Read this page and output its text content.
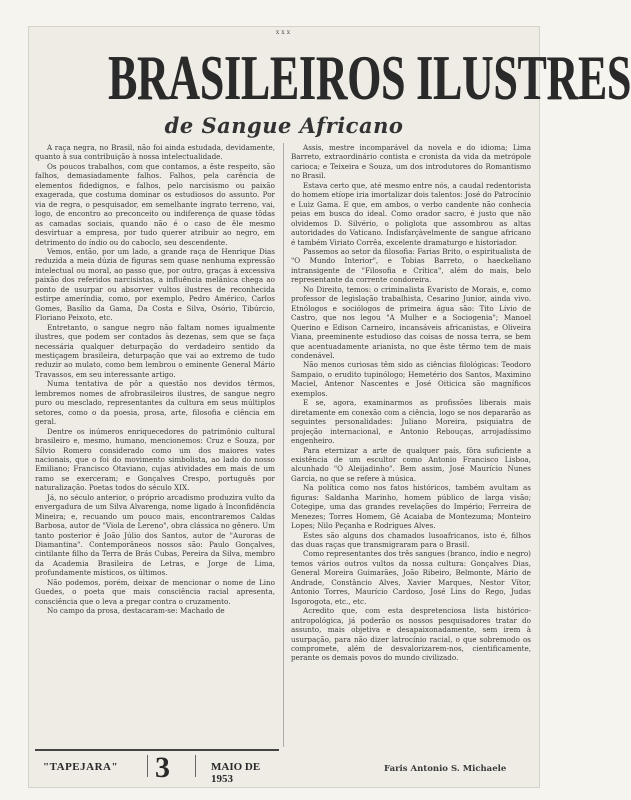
xxx
BRASILEIROS ILUSTRES
de Sangue Africano

A raça negra, no Brasil, não foi ainda estudada, devidamente, quanto à sua contribuição à nossa intelectualidade.

Os poucos trabalhos, com que contamos, a êste respeito, são falhos, demasiadamente falhos. Falhos, pela carência de elementos fidedignos, e falhos, pelo narcisismo ou paixão exagerada, que costuma dominar os estudiosos do assunto. Por via de regra, o pesquisador, em semelhante ingrato terreno, vai, logo, de encontro ao preconceito ou indiferença de quase tôdas as camadas sociais, quando não é o caso de êle mesmo desvirtuar a empresa, por tudo querer atribuir ao negro, em detrimento do índio ou do caboclo, seu descendente.

Vemos, então, por um lado, a grande raça de Henrique Dias reduzida a meia dúzia de figuras sem quase nenhuma expressão intelectual ou moral, ao passo que, por outro, graças à excessiva paixão dos referidos narcisistas, a influência melânica chega ao ponto de usurpar ou absorver vultos ilustres de reconhecida estirpe ameríndia, como, por exemplo, Pedro Américo, Carlos Gomes, Basílio da Gama, Da Costa e Silva, Osório, Tibúrcio, Floriano Peixoto, etc.

Entretanto, o sangue negro não faltam nomes igualmente ilustres, que podem ser contados às dezenas, sem que se faça necessária qualquer deturpação do verdadeiro sentido da mestiçagem brasileira, deturpação que vai ao extremo de tudo reduzir ao mulato, como bem lembrou o eminente General Mário Travassos, em seu interessante artigo.

Numa tentativa de pôr a questão nos devidos têrmos, lembremos nomes de afrobrasileiros ilustres, de sangue negro puro ou mesclado, representantes da cultura em seus múltiplos setores, como o da poesia, prosa, arte, filosofia e ciência em geral.

Dentre os inúmeros enriquecedores do patrimônio cultural brasileiro e, mesmo, humano, mencionemos: Cruz e Souza, por Sílvio Romero considerado como um dos maiores vates nacionais, que o foi do movimento simbolista, ao lado do nosso Emiliano; Francisco Otaviano, cujas atividades em mais de um ramo se exerceram; e Gonçalves Crespo, português por naturalização. Poetas todos do século XIX.

Já, no século anterior, o próprio arcadismo produzira vulto da envergadura de um Silva Alvarenga, nome ligado à Inconfidência Mineira; e, recuando um pouco mais, encontraremos Caldas Barbosa, autor de "Viola de Lereno", obra clássica no gênero. Um tanto posterior é João Júlio dos Santos, autor de "Auroras de Diamantina". Contemporâneos nossos são: Paulo Gonçalves, cintilante filho da Terra de Brás Cubas, Pereira da Silva, membro da Academia Brasileira de Letras, e Jorge de Lima, profundamente místicos, os últimos.

Não podemos, porém, deixar de mencionar o nome de Lino Guedes, o poeta que mais consciência racial apresenta, consciência que o leva a pregar contra o cruzamento.

No campo da prosa, destacaram-se: Machado de

Assis, mestre incomparável da novela e do idioma; Lima Barreto, extraordinário contista e cronista da vida da metrópole carioca; e Teixeira e Souza, um dos introdutores do Romantismo no Brasil.

Estava certo que, até mesmo entre nós, a caudal redentorista do homem etíope iria imortalizar dois talentos: José do Patrocínio e Luiz Gama. E que, em ambos, o verbo candente não conhecia peias em busca do ideal. Como orador sacro, é justo que não olvidemos D. Silvério, o poliglota que assombrou as altas autoridades do Vaticano. Indisfarçàvelmente de sangue africano é também Viriato Corrêa, excelente dramaturgo e historiador.

Passemos ao setor da filosofia: Farias Brito, o espiritualista de "O Mundo Interior", e Tobias Barreto, o haeckeliano intransigente de "Filosofia e Crítica", além do mais, belo representante da corrente condoreira.

No Direito, temos: o criminalista Evaristo de Morais, e, como professor de legislação trabalhista, Cesarino Junior, ainda vivo. Etnólogos e sociólogos de primeira água são: Tito Lívio de Castro, que nos legou "A Mulher e a Sociogenia"; Manoel Querino e Edison Carneiro, incansáveis africanistas, e Oliveira Viana, preeminente estudioso das coisas de nossa terra, se bem que acentuadamente arianista, no que êste têrmo tem de mais condenável.

Não menos curiosas têm sido as ciências filológicas: Teodoro Sampaio, o erudito tupinólogo; Hemetério dos Santos, Maximino Maciel, Antenor Nascentes e José Oiticica são magníficos exemplos.

E se, agora, examinarmos as profissões liberais mais diretamente em conexão com a ciência, logo se nos depararão as seguintes personalidades: Juliano Moreira, psiquiatra de projeção internacional, e Antonio Rebouças, arrojadíssimo engenheiro.

Para eternizar a arte de qualquer país, fôra suficiente a existência de um escultor como Antonio Francisco Lisboa, alcunhado "O Aleijadinho". Bem assim, José Maurício Nunes Garcia, no que se refere à música.

Na política como nos fatos históricos, também avultam as figuras: Saldanha Marinho, homem público de larga visão; Cotegipe, uma das grandes revelações do Império; Ferreira de Menezes; Torres Homem, Gê Acaiaba de Montezuma; Monteiro Lopes; Nilo Peçanha e Rodrigues Alves.

Estes são alguns dos chamados lusoafricanos, isto é, filhos das duas raças que transmigraram para o Brasil.

Como representantes dos três sangues (branco, índio e negro) temos vários outros vultos da nossa cultura: Gonçalves Dias, General Moreira Guimarães, João Ribeiro, Belmonte, Mário de Andrade, Constâncio Alves, Xavier Marques, Nestor Vítor, Antonio Torres, Maurício Cardoso, José Lins do Rego, Judas Isgorogota, etc., etc.

Acredito que, com esta despretenciosa lista histórico-antropológica, já poderão os nossos pesquisadores tratar do assunto, mais objetiva e desapaixonadamente, sem irem à usurpação, para não dizer latrocínio racial, o que sobremodo os compromete, além de desvalorizarem-nos, cientificamente, perante os demais povos do mundo civilizado.

"TAPEJARA" 3	MAIO DE 1953
Faris Antonio S. Michaele
